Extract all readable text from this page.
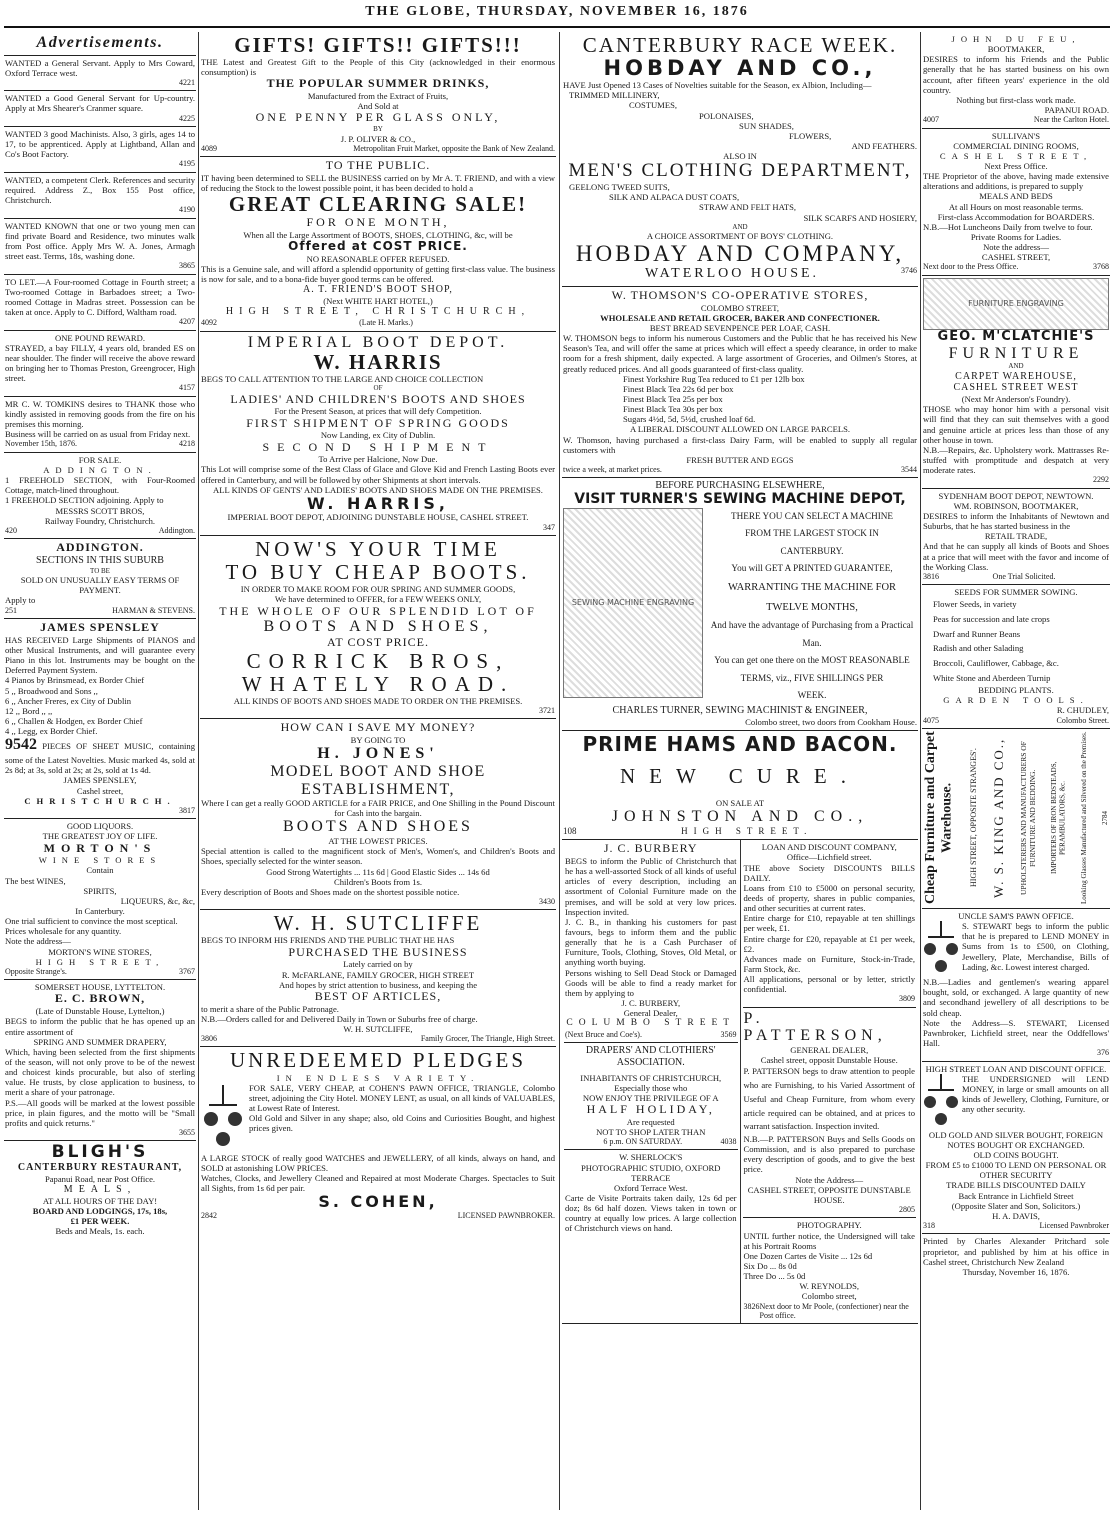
THE GLOBE, THURSDAY, NOVEMBER 16, 1876
Advertisements.

WANTED a General Servant. Apply to Mrs Coward, Oxford Terrace west.

4221

WANTED a Good General Servant for Up-country. Apply at Mrs Shearer's Cranmer square.

4225

WANTED 3 good Machinists. Also, 3 girls, ages 14 to 17, to be apprenticed. Apply at Lightband, Allan and Co's Boot Factory.

4195

WANTED, a competent Clerk. References and security required. Address Z., Box 155 Post office, Christchurch.

4190

WANTED KNOWN that one or two young men can find private Board and Residence, two minutes walk from Post office. Apply Mrs W. A. Jones, Armagh street east. Terms, 18s, washing done.

3865

TO LET.—A Four-roomed Cottage in Fourth street; a Two-roomed Cottage in Barbadoes street; a Two-roomed Cottage in Madras street. Possession can be taken at once. Apply to C. Difford, Waltham road.

4207
ONE POUND REWARD.

STRAYED, a bay FILLY, 4 years old, branded ES on near shoulder. The finder will receive the above reward on bringing her to Thomas Preston, Greengrocer, High street.

4157

MR C. W. TOMKINS desires to THANK those who kindly assisted in removing goods from the fire on his premises this morning.

Business will be carried on as usual from Friday next.

November 15th, 1876.	4218
FOR SALE.
ADDINGTON.

1 FREEHOLD SECTION, with Four-Roomed Cottage, match-lined throughout.

1 FREEHOLD SECTION adjoining. Apply to

MESSRS SCOTT BROS,
Railway Foundry, Christchurch.
420	Addington.
ADDINGTON.
SECTIONS IN THIS SUBURB
TO BE
SOLD ON UNUSUALLY EASY TERMS OF PAYMENT.
Apply to
251	HARMAN & STEVENS.
JAMES SPENSLEY

HAS RECEIVED Large Shipments of PIANOS and other Musical Instruments, and will guarantee every Piano in this lot. Instruments may be bought on the Deferred Payment System.

4 Pianos by Brinsmead, ex Border Chief
5 ,, Broadwood and Sons ,,
6 ,, Ancher Freres, ex City of Dublin
12 ,, Bord ,, ,,
6 ,, Challen & Hodgen, ex Border Chief
4 ,, Legg, ex Border Chief.

9542 PIECES OF SHEET MUSIC, containing some of the Latest Novelties. Music marked 4s, sold at 2s 8d; at 3s, sold at 2s; at 2s, sold at 1s 4d.

JAMES SPENSLEY,
Cashel street,
CHRISTCHURCH.
3817
GOOD LIQUORS.
THE GREATEST JOY OF LIFE.
MORTON'S
WINE STORES
Contain
The best WINES,
SPIRITS,
LIQUEURS, &c, &c,
In Canterbury.

One trial sufficient to convince the most sceptical.

Prices wholesale for any quantity.

Note the address—
MORTON'S WINE STORES,
HIGH STREET,
Opposite Strange's.	3767
SOMERSET HOUSE, LYTTELTON.
E. C. BROWN,
(Late of Dunstable House, Lyttelton,)

BEGS to inform the public that he has opened up an entire assortment of

SPRING AND SUMMER DRAPERY,

Which, having been selected from the first shipments of the season, will not only prove to be of the newest and choicest kinds procurable, but also of sterling value. He trusts, by close application to business, to merit a share of your patronage.

P.S.—All goods will be marked at the lowest possible price, in plain figures, and the motto will be "Small profits and quick returns."

3655
BLIGH'S
CANTERBURY RESTAURANT,
Papanui Road, near Post Office.
MEALS,
AT ALL HOURS OF THE DAY!
BOARD AND LODGINGS, 17s, 18s,
£1 PER WEEK.
Beds and Meals, 1s. each.
GIFTS! GIFTS!! GIFTS!!!

THE Latest and Greatest Gift to the People of this City (acknowledged in their enormous consumption) is

THE POPULAR SUMMER DRINKS,
Manufactured from the Extract of Fruits,
And Sold at
ONE PENNY PER GLASS ONLY,
BY
J. P. OLIVER & CO.,
4089	Metropolitan Fruit Market, opposite the Bank of New Zealand.
TO THE PUBLIC.

IT having been determined to SELL the BUSINESS carried on by Mr A. T. FRIEND, and with a view of reducing the Stock to the lowest possible point, it has been decided to hold a

GREAT CLEARING SALE!
FOR ONE MONTH,
When all the Large Assortment of BOOTS, SHOES, CLOTHING, &c, will be
Offered at COST PRICE.
NO REASONABLE OFFER REFUSED.

This is a Genuine sale, and will afford a splendid opportunity of getting first-class value. The business is now for sale, and to a bona-fide buyer good terms can be offered.

A. T. FRIEND'S BOOT SHOP,
(Next WHITE HART HOTEL,)
HIGH STREET, CHRISTCHURCH,
4092	(Late H. Marks.)
IMPERIAL BOOT DEPOT.
W. HARRIS

BEGS TO CALL ATTENTION TO THE LARGE AND CHOICE COLLECTION

OF
LADIES' AND CHILDREN'S BOOTS AND SHOES
For the Present Season, at prices that will defy Competition.
FIRST SHIPMENT OF SPRING GOODS
Now Landing, ex City of Dublin.
SECOND SHIPMENT
To Arrive per Halcione, Now Due.

This Lot will comprise some of the Best Class of Glace and Glove Kid and French Lasting Boots ever offered in Canterbury, and will be followed by other Shipments at short intervals.

ALL KINDS OF GENTS' AND LADIES' BOOTS AND SHOES MADE ON THE PREMISES.
W. HARRIS,
IMPERIAL BOOT DEPOT, ADJOINING DUNSTABLE HOUSE, CASHEL STREET.
347
NOW'S YOUR TIME
TO BUY CHEAP BOOTS.
IN ORDER TO MAKE ROOM FOR OUR SPRING AND SUMMER GOODS,
We have determined to OFFER, for a FEW WEEKS ONLY,
THE WHOLE OF OUR SPLENDID LOT OF
BOOTS AND SHOES,
AT COST PRICE.
CORRICK BROS,
WHATELY ROAD.
ALL KINDS OF BOOTS AND SHOES MADE TO ORDER ON THE PREMISES.
3721
HOW CAN I SAVE MY MONEY?
BY GOING TO
H. JONES'
MODEL BOOT AND SHOE
ESTABLISHMENT,
Where I can get a really GOOD ARTICLE for a FAIR PRICE, and One Shilling in the Pound Discount for Cash into the bargain.
BOOTS AND SHOES
AT THE LOWEST PRICES.

Special attention is called to the magnificent stock of Men's, Women's, and Children's Boots and Shoes, specially selected for the winter season.

Good Strong Watertights ... 11s 6d | Good Elastic Sides ... 14s 6d
Children's Boots from 1s.

Every description of Boots and Shoes made on the shortest possible notice.

3430
W. H. SUTCLIFFE

BEGS TO INFORM HIS FRIENDS AND THE PUBLIC THAT HE HAS

PURCHASED THE BUSINESS
Lately carried on by
R. McFARLANE, FAMILY GROCER, HIGH STREET
And hopes by strict attention to business, and keeping the
BEST OF ARTICLES,
to merit a share of the Public Patronage.
N.B.—Orders called for and Delivered Daily in Town or Suburbs free of charge.
W. H. SUTCLIFFE,
3806	Family Grocer, The Triangle, High Street.
UNREDEEMED PLEDGES
IN ENDLESS VARIETY.

FOR SALE, VERY CHEAP, at COHEN'S PAWN OFFICE, TRIANGLE, Colombo street, adjoining the City Hotel. MONEY LENT, as usual, on all kinds of VALUABLES, at Lowest Rate of Interest.

Old Gold and Silver in any shape; also, old Coins and Curiosities Bought, and highest prices given.

A LARGE STOCK of really good WATCHES and JEWELLERY, of all kinds, always on hand, and SOLD at astonishing LOW PRICES.

Watches, Clocks, and Jewellery Cleaned and Repaired at most Moderate Charges. Spectacles to Suit all Sights, from 1s 6d per pair.

S. COHEN,
2842	LICENSED PAWNBROKER.
CANTERBURY RACE WEEK.
HOBDAY AND CO.,

HAVE Just Opened 13 Cases of Novelties suitable for the Season, ex Albion, Including—

TRIMMED MILLINERY,
COSTUMES,
POLONAISES,
SUN SHADES,
FLOWERS,
AND FEATHERS.
ALSO IN
MEN'S CLOTHING DEPARTMENT,
GEELONG TWEED SUITS,
SILK AND ALPACA DUST COATS,
STRAW AND FELT HATS,
SILK SCARFS AND HOSIERY,
AND
A CHOICE ASSORTMENT OF BOYS' CLOTHING.
HOBDAY AND COMPANY,
WATERLOO HOUSE.	3746
W. THOMSON'S CO-OPERATIVE STORES,
COLOMBO STREET,
WHOLESALE AND RETAIL GROCER, BAKER AND CONFECTIONER.
BEST BREAD SEVENPENCE PER LOAF, CASH.

W. THOMSON begs to inform his numerous Customers and the Public that he has received his New Season's Tea, and will offer the same at prices which will effect a speedy clearance, in order to make room for a fresh shipment, daily expected. A large assortment of Groceries, and Oilmen's Stores, at greatly reduced prices. And all goods guaranteed of first-class quality.

Finest Yorkshire Rug Tea reduced to £1 per 12lb box
Finest Black Tea 22s 6d per box
Finest Black Tea 25s per box
Finest Black Tea 30s per box
Sugars 4½d, 5d, 5½d, crushed loaf 6d.
A LIBERAL DISCOUNT ALLOWED ON LARGE PARCELS.

W. Thomson, having purchased a first-class Dairy Farm, will be enabled to supply all regular customers with

FRESH BUTTER AND EGGS
twice a week, at market prices.	3544
BEFORE PURCHASING ELSEWHERE,
VISIT TURNER'S SEWING MACHINE DEPOT,
SEWING MACHINE ENGRAVING
THERE YOU CAN SELECT A MACHINE
FROM THE LARGEST STOCK IN
CANTERBURY.
You will GET A PRINTED GUARANTEE,
WARRANTING THE MACHINE FOR
TWELVE MONTHS,
And have the advantage of Purchasing from a Practical Man.
You can get one there on the MOST REASONABLE
TERMS, viz., FIVE SHILLINGS PER
WEEK.
CHARLES TURNER, SEWING MACHINIST & ENGINEER,
Colombo street, two doors from Cookham House.
PRIME HAMS AND BACON.
NEW CURE.
ON SALE AT
JOHNSTON AND CO.,
108	HIGH STREET.
J. C. BURBERY

BEGS to inform the Public of Christchurch that he has a well-assorted Stock of all kinds of useful articles of every description, including an assortment of Colonial Furniture made on the premises, and will be sold at very low prices. Inspection invited.

J. C. B., in thanking his customers for past favours, begs to inform them and the public generally that he is a Cash Purchaser of Furniture, Tools, Clothing, Stoves, Old Metal, or anything worth buying.

Persons wishing to Sell Dead Stock or Damaged Goods will be able to find a ready market for them by applying to

J. C. BURBERY,
General Dealer,
COLUMBO STREET
(Next Bruce and Coe's).	3569
DRAPERS' AND CLOTHIERS' ASSOCIATION.
INHABITANTS OF CHRISTCHURCH,
Especially those who
NOW ENJOY THE PRIVILEGE OF A
HALF HOLIDAY,
Are requested
NOT TO SHOP LATER THAN
6 p.m. ON SATURDAY.	4038
W. SHERLOCK'S
PHOTOGRAPHIC STUDIO, OXFORD TERRACE
Oxford Terrace West.

Carte de Visite Portraits taken daily, 12s 6d per doz; 8s 6d half dozen. Views taken in town or country at equally low prices. A large collection of Christchurch views on hand.

LOAN AND DISCOUNT COMPANY,
Office—Lichfield street.

THE above Society DISCOUNTS BILLS DAILY.

Loans from £10 to £5000 on personal security, deeds of property, shares in public companies, and other securities at current rates.

Entire charge for £10, repayable at ten shillings per week, £1.

Entire charge for £20, repayable at £1 per week, £2.

Advances made on Furniture, Stock-in-Trade, Farm Stock, &c.

All applications, personal or by letter, strictly confidential.

3809
P. PATTERSON,
GENERAL DEALER,
Cashel street, opposit Dunstable House.

P. PATTERSON begs to draw attention to people who are Furnishing, to his Varied Assortment of Useful and Cheap Furniture, from whom every article required can be obtained, and at prices to warrant satisfaction. Inspection invited.

N.B.—P. PATTERSON Buys and Sells Goods on Commission, and is also prepared to purchase every description of goods, and to give the best price.

Note the Address—
CASHEL STREET, OPPOSITE DUNSTABLE HOUSE.
2805
PHOTOGRAPHY.

UNTIL further notice, the Undersigned will take at his Portrait Rooms

One Dozen Cartes de Visite ... 12s 6d
Six Do ... 8s 0d
Three Do ... 5s 0d
W. REYNOLDS,
Colombo street,
3826 Next door to Mr Poole, (confectioner) near the Post office.
JOHN DU FEU,
BOOTMAKER,

DESIRES to inform his Friends and the Public generally that he has started business on his own account, after fifteen years' experience in the old country.

Nothing but first-class work made.
PAPANUI ROAD.
4007	Near the Carlton Hotel.
SULLIVAN'S
COMMERCIAL DINING ROOMS,
CASHEL STREET,
Next Press Office.

THE Proprietor of the above, having made extensive alterations and additions, is prepared to supply

MEALS AND BEDS
At all Hours on most reasonable terms.
First-class Accommodation for BOARDERS.

N.B.—Hot Luncheons Daily from twelve to four.

Private Rooms for Ladies.
Note the address—
CASHEL STREET,
Next door to the Press Office.	3768
FURNITURE ENGRAVING
GEO. M'CLATCHIE'S
FURNITURE
AND
CARPET WAREHOUSE,
CASHEL STREET WEST
(Next Mr Anderson's Foundry).

THOSE who may honor him with a personal visit will find that they can suit themselves with a good and genuine article at prices less than those of any other house in town.

N.B.—Repairs, &c. Upholstery work. Mattrasses Re-stuffed with promptitude and despatch at very moderate rates.

2292
SYDENHAM BOOT DEPOT, NEWTOWN.
WM. ROBINSON, BOOTMAKER,

DESIRES to inform the Inhabitants of Newtown and Suburbs, that he has started business in the

RETAIL TRADE,

And that he can supply all kinds of Boots and Shoes at a price that will meet with the favor and income of the Working Class.

3816	One Trial Solicited.
SEEDS FOR SUMMER SOWING.
Flower Seeds, in variety
Peas for succession and late crops
Dwarf and Runner Beans
Radish and other Salading
Broccoli, Cauliflower, Cabbage, &c.
White Stone and Aberdeen Turnip
BEDDING PLANTS.
GARDEN TOOLS.
R. CHUDLEY,
4075	Colombo Street.
Cheap Furniture and Carpet Warehouse. HIGH STREET, OPPOSITE STRANGES'. W. S. KING AND CO., UPHOLSTERERS AND MANUFACTURERS OF FURNITURE AND BEDDING. IMPORTERS OF IRON BEDSTEADS, PERAMBULATORS, &c. Looking Glasses Manufactured and Silvered on the Premises. 2784
UNCLE SAM'S PAWN OFFICE.

S. STEWART begs to inform the public that he is prepared to LEND MONEY in Sums from 1s to £500, on Clothing, Jewellery, Plate, Merchandise, Bills of Lading, &c. Lowest interest charged.

N.B.—Ladies and gentlemen's wearing apparel bought, sold, or exchanged. A large quantity of new and secondhand jewellery of all descriptions to be sold cheap.

Note the Address—S. STEWART, Licensed Pawnbroker, Lichfield street, near the Oddfellows' Hall.

376
HIGH STREET LOAN AND DISCOUNT OFFICE.

THE UNDERSIGNED will LEND MONEY, in large or small amounts on all kinds of Jewellery, Clothing, Furniture, or any other security.

OLD GOLD AND SILVER BOUGHT, FOREIGN NOTES BOUGHT OR EXCHANGED.
OLD COINS BOUGHT.
FROM £5 to £1000 TO LEND ON PERSONAL OR OTHER SECURITY
TRADE BILLS DISCOUNTED DAILY
Back Entrance in Lichfield Street
(Opposite Slater and Son, Solicitors.)
H. A. DAVIS,
318	Licensed Pawnbroker

Printed by Charles Alexander Pritchard sole proprietor, and published by him at his office in Cashel street, Christchurch New Zealand

Thursday, November 16, 1876.
